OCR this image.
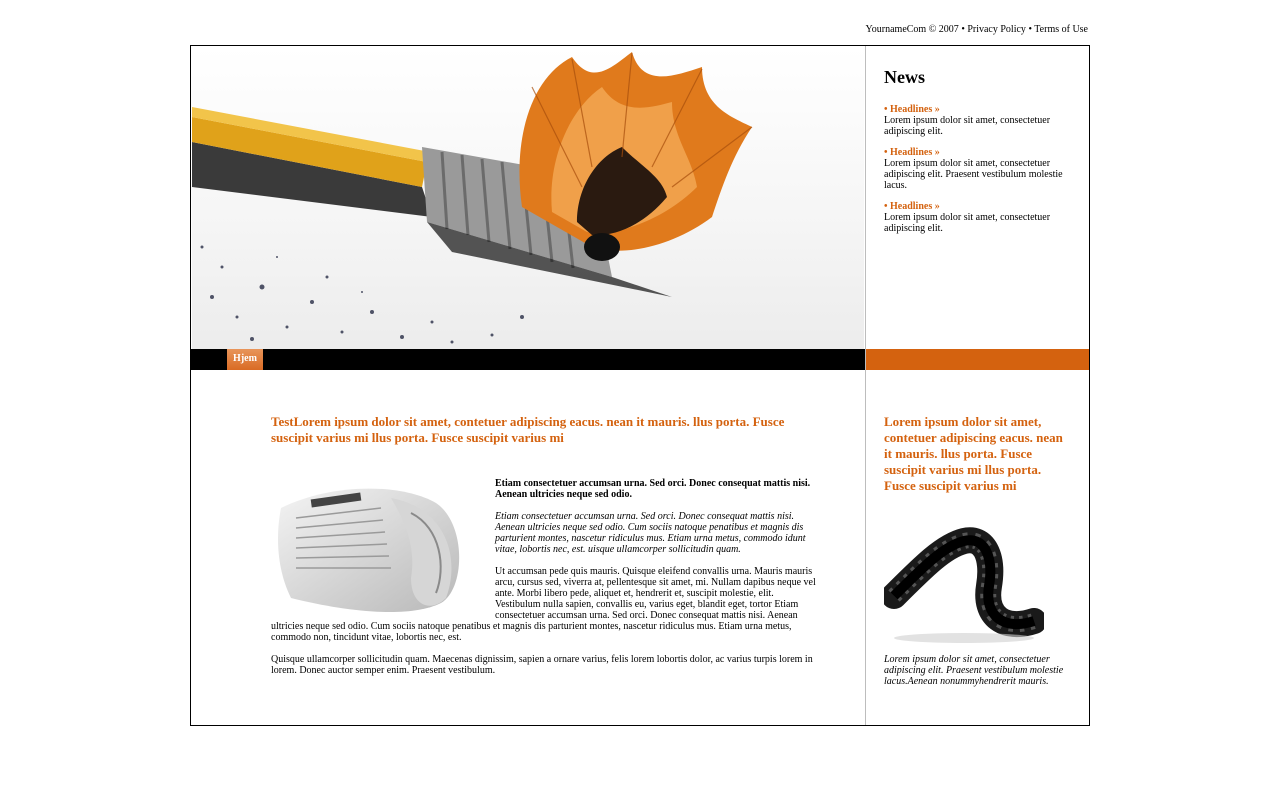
YournameCom © 2007 • Privacy Policy • Terms of Use
News
• Headlines »
Lorem ipsum dolor sit amet, consectetuer adipiscing elit.
• Headlines »
Lorem ipsum dolor sit amet, consectetuer adipiscing elit. Praesent vestibulum molestie lacus.
• Headlines »
Lorem ipsum dolor sit amet, consectetuer adipiscing elit.
Hjem
TestLorem ipsum dolor sit amet, contetuer adipiscing eacus. nean it mauris. llus porta. Fusce suscipit varius mi llus porta. Fusce suscipit varius mi

Etiam consectetuer accumsan urna. Sed orci. Donec consequat mattis nisi. Aenean ultricies neque sed odio.

Etiam consectetuer accumsan urna. Sed orci. Donec consequat mattis nisi. Aenean ultricies neque sed odio. Cum sociis natoque penatibus et magnis dis parturient montes, nascetur ridiculus mus. Etiam urna metus, commodo idunt vitae, lobortis nec, est. uisque ullamcorper sollicitudin quam.

Ut accumsan pede quis mauris. Quisque eleifend convallis urna. Mauris mauris arcu, cursus sed, viverra at, pellentesque sit amet, mi. Nullam dapibus neque vel ante. Morbi libero pede, aliquet et, hendrerit et, suscipit molestie, elit. Vestibulum nulla sapien, convallis eu, varius eget, blandit eget, tortor Etiam consectetuer accumsan urna. Sed orci. Donec consequat mattis nisi. Aenean ultricies neque sed odio. Cum sociis natoque penatibus et magnis dis parturient montes, nascetur ridiculus mus. Etiam urna metus, commodo non, tincidunt vitae, lobortis nec, est.

Quisque ullamcorper sollicitudin quam. Maecenas dignissim, sapien a ornare varius, felis lorem lobortis dolor, ac varius turpis lorem in lorem. Donec auctor semper enim. Praesent vestibulum.

Lorem ipsum dolor sit amet, contetuer adipiscing eacus. nean it mauris. llus porta. Fusce suscipit varius mi llus porta. Fusce suscipit varius mi
Lorem ipsum dolor sit amet, consectetuer adipiscing elit. Praesent vestibulum molestie lacus.Aenean nonummyhendrerit mauris.
